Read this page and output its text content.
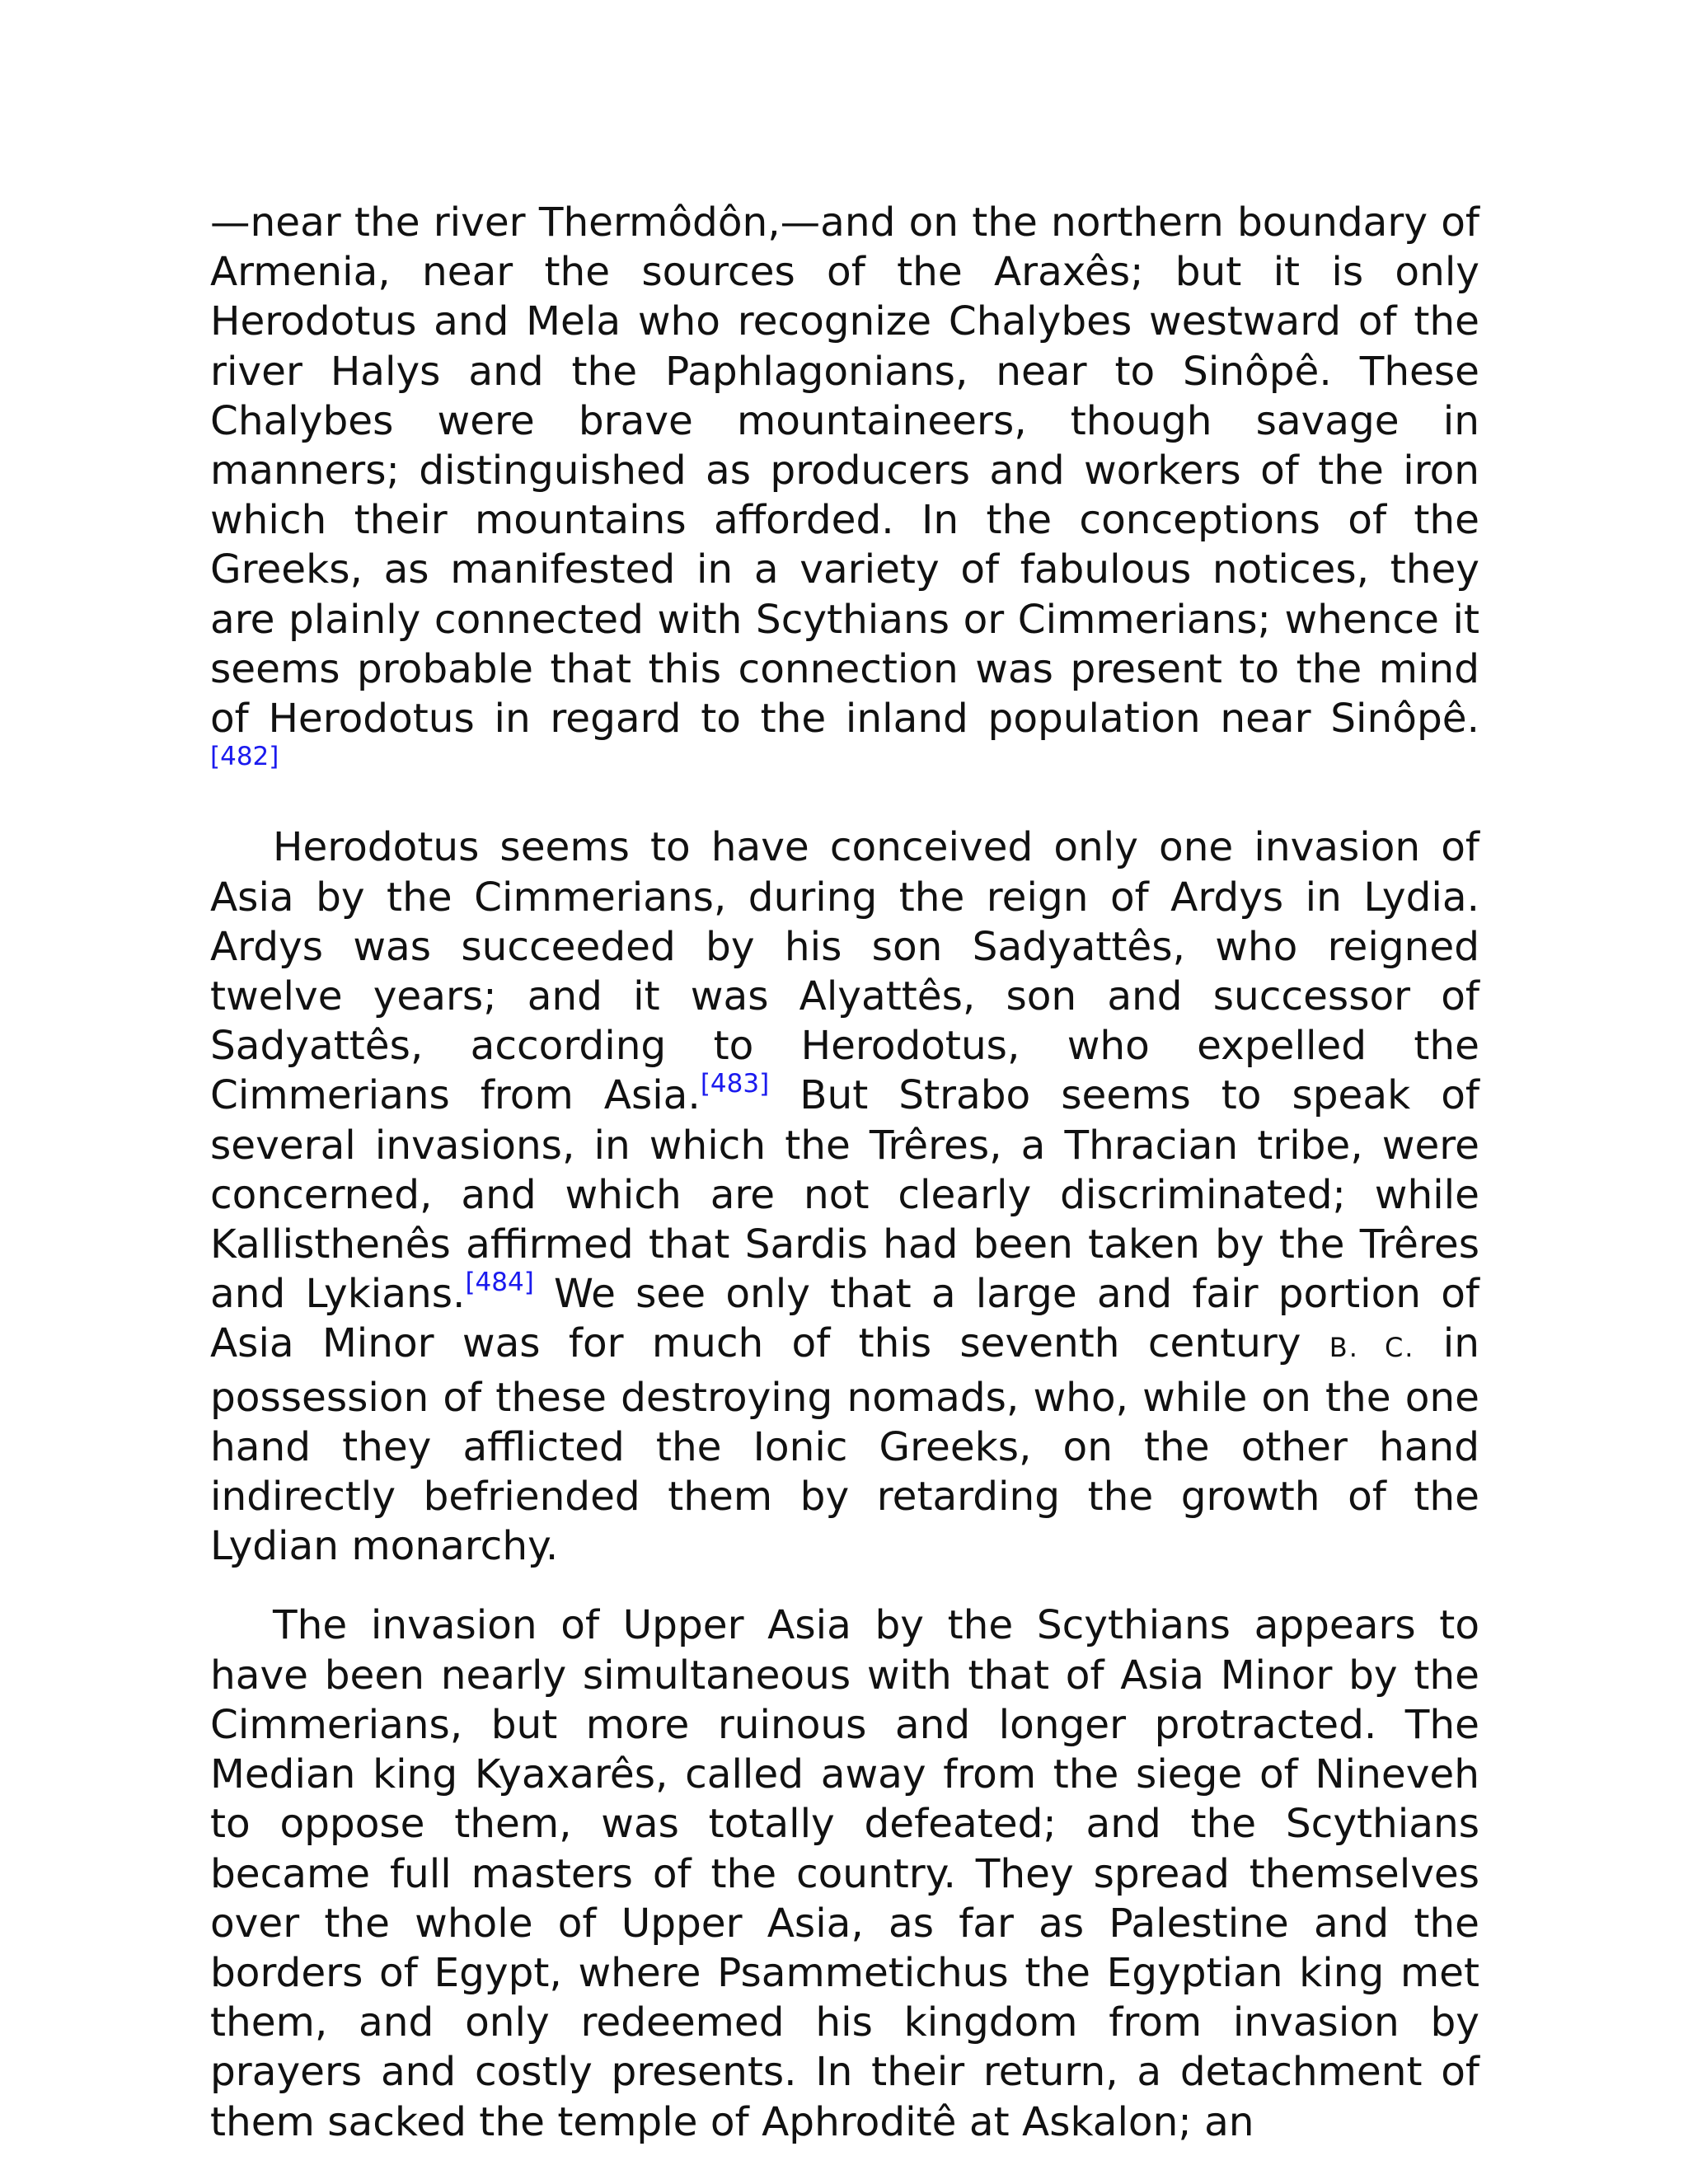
—near the river Thermôdôn,—and on the northern boundary of Armenia, near the sources of the Araxês; but it is only Herodotus and Mela who recognize Chalybes westward of the river Halys and the Paphlagonians, near to Sinôpê. These Chalybes were brave mountaineers, though savage in manners; distinguished as producers and workers of the iron which their mountains afforded. In the conceptions of the Greeks, as manifested in a variety of fabulous notices, they are plainly connected with Scythians or Cimmerians; whence it seems probable that this connection was present to the mind of Herodotus in regard to the inland population near Sinôpê.[482]

Herodotus seems to have conceived only one invasion of Asia by the Cimmerians, during the reign of Ardys in Lydia. Ardys was succeeded by his son Sadyattês, who reigned twelve years; and it was Alyattês, son and successor of Sadyattês, according to Herodotus, who expelled the Cimmerians from Asia.[483] But Strabo seems to speak of several invasions, in which the Trêres, a Thracian tribe, were concerned, and which are not clearly discriminated; while Kallisthenês affirmed that Sardis had been taken by the Trêres and Lykians.[484] We see only that a large and fair portion of Asia Minor was for much of this seventh century B. C. in possession of these destroying nomads, who, while on the one hand they afflicted the Ionic Greeks, on the other hand indirectly befriended them by retarding the growth of the Lydian monarchy.

The invasion of Upper Asia by the Scythians appears to have been nearly simultaneous with that of Asia Minor by the Cimmerians, but more ruinous and longer protracted. The Median king Kyaxarês, called away from the siege of Nineveh to oppose them, was totally defeated; and the Scythians became full masters of the country. They spread themselves over the whole of Upper Asia, as far as Palestine and the borders of Egypt, where Psammetichus the Egyptian king met them, and only redeemed his kingdom from invasion by prayers and costly presents. In their return, a detachment of them sacked the temple of Aphroditê at Askalon; an
